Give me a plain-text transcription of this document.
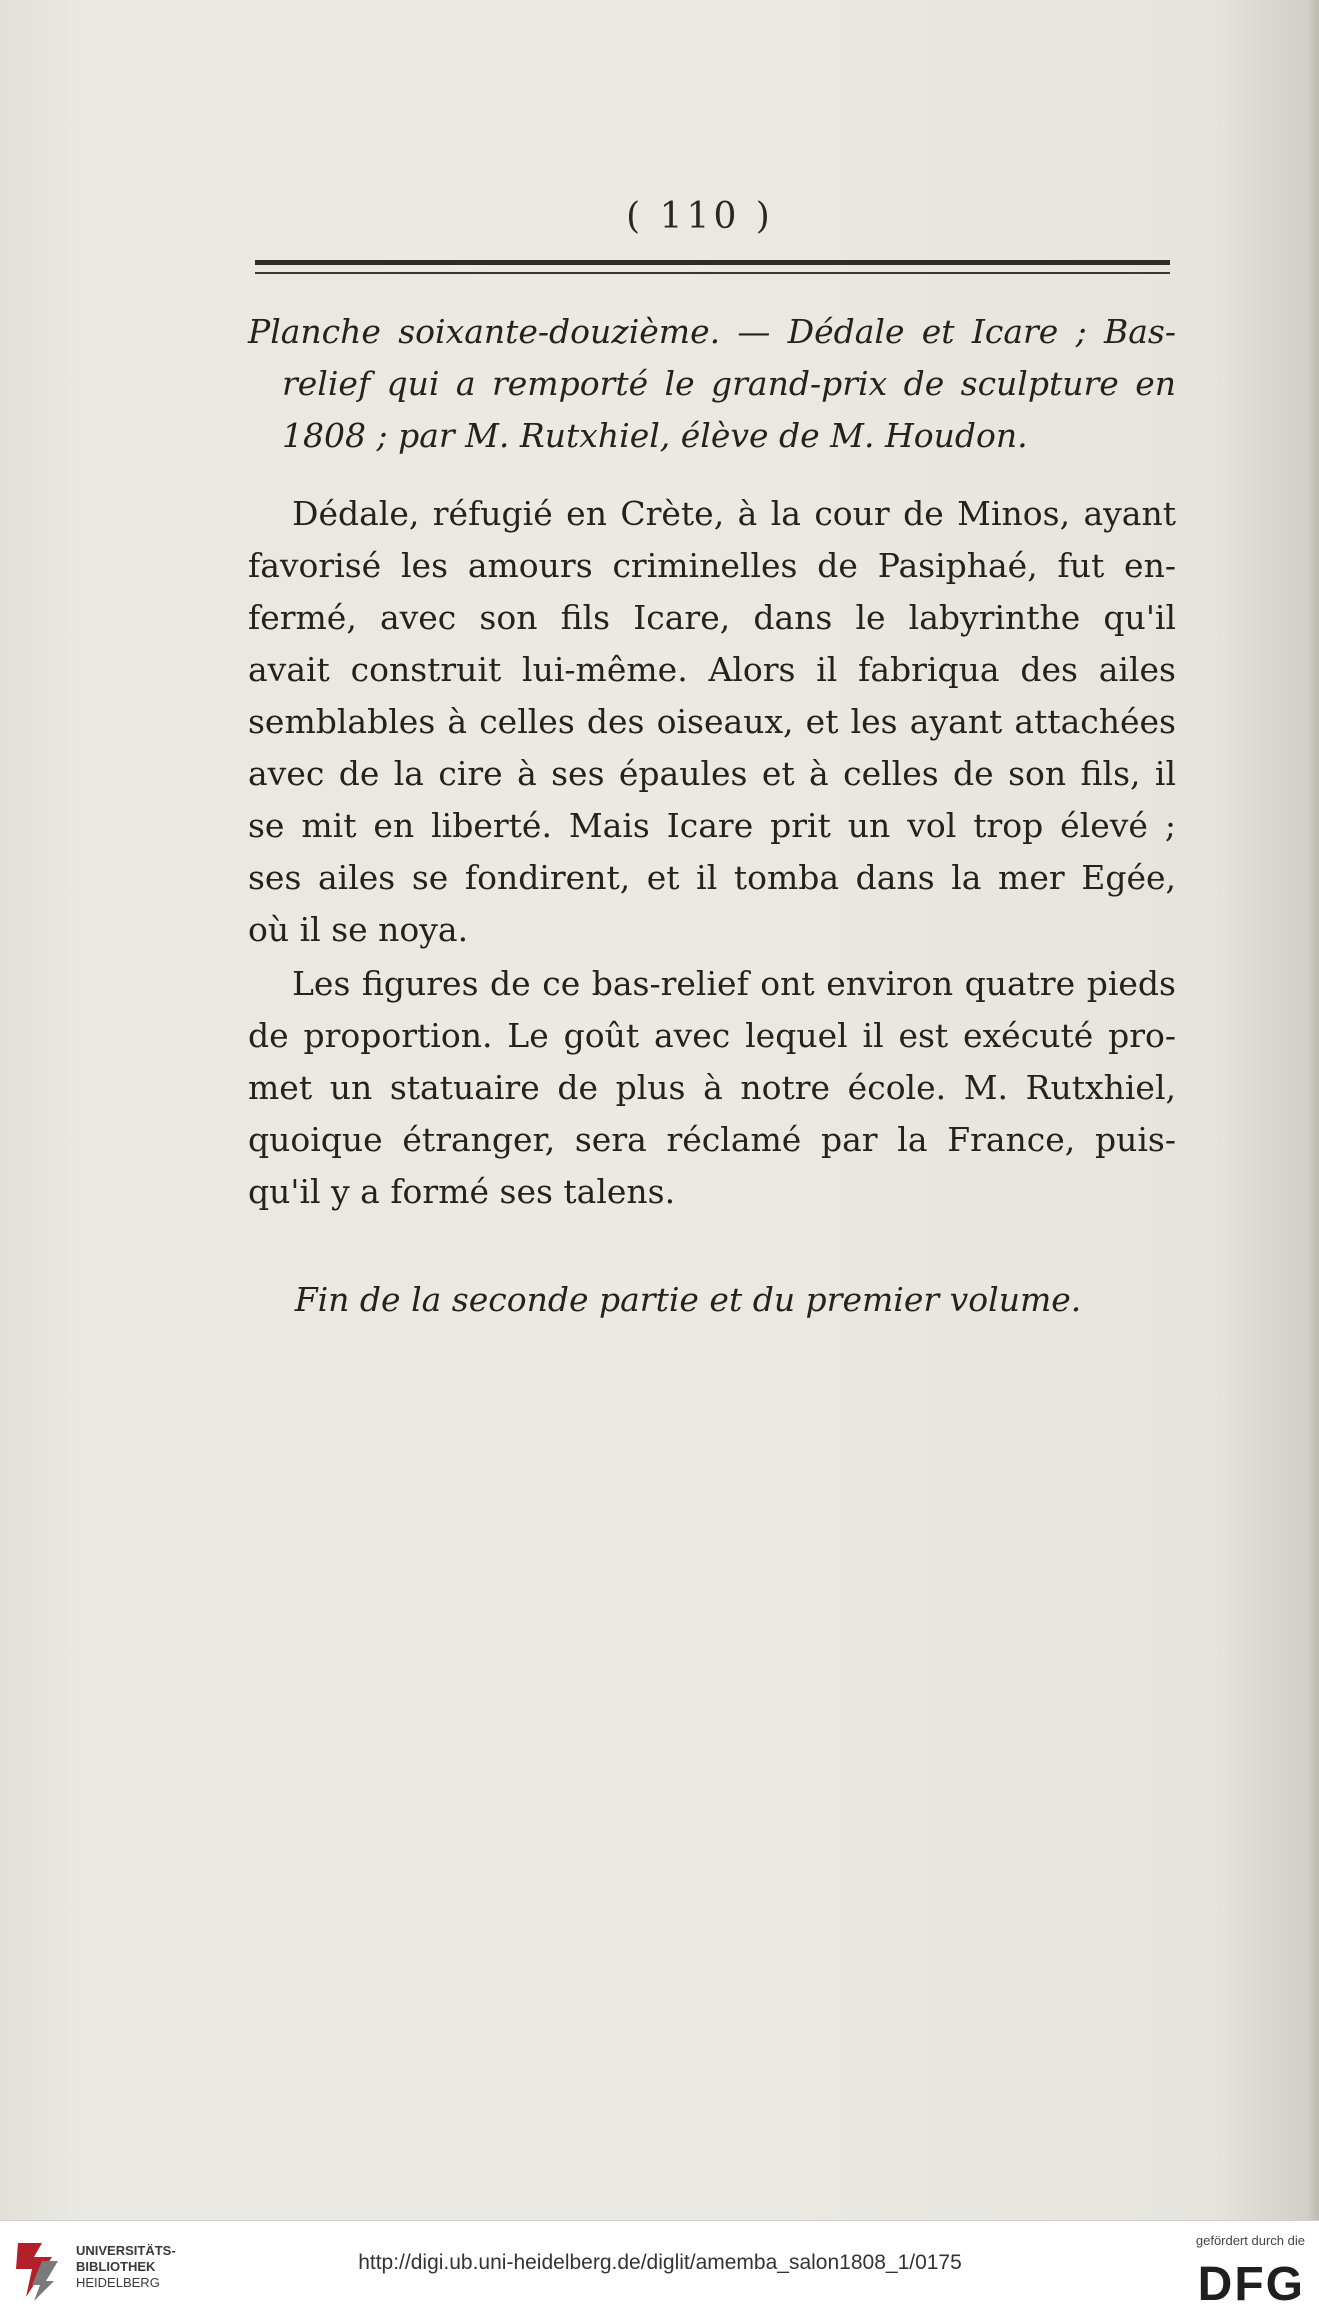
( 110 )
Planche soixante-douzième. — Dédale et Icare ; Bas-
relief qui a remporté le grand-prix de sculpture en
1808 ; par M. Rutxhiel, élève de M. Houdon.
Dédale, réfugié en Crète, à la cour de Minos, ayant
favorisé les amours criminelles de Pasiphaé, fut en-
fermé, avec son fils Icare, dans le labyrinthe qu'il
avait construit lui-même. Alors il fabriqua des ailes
semblables à celles des oiseaux, et les ayant attachées
avec de la cire à ses épaules et à celles de son fils, il
se mit en liberté. Mais Icare prit un vol trop élevé ;
ses ailes se fondirent, et il tomba dans la mer Egée,
où il se noya.
Les figures de ce bas-relief ont environ quatre pieds
de proportion. Le goût avec lequel il est exécuté pro-
met un statuaire de plus à notre école. M. Rutxhiel,
quoique étranger, sera réclamé par la France, puis-
qu'il y a formé ses talens.
Fin de la seconde partie et du premier volume.
UNIVERSITÄTS-
BIBLIOTHEK
HEIDELBERG
http://digi.ub.uni-heidelberg.de/diglit/amemba_salon1808_1/0175
gefördert durch die
DFG
